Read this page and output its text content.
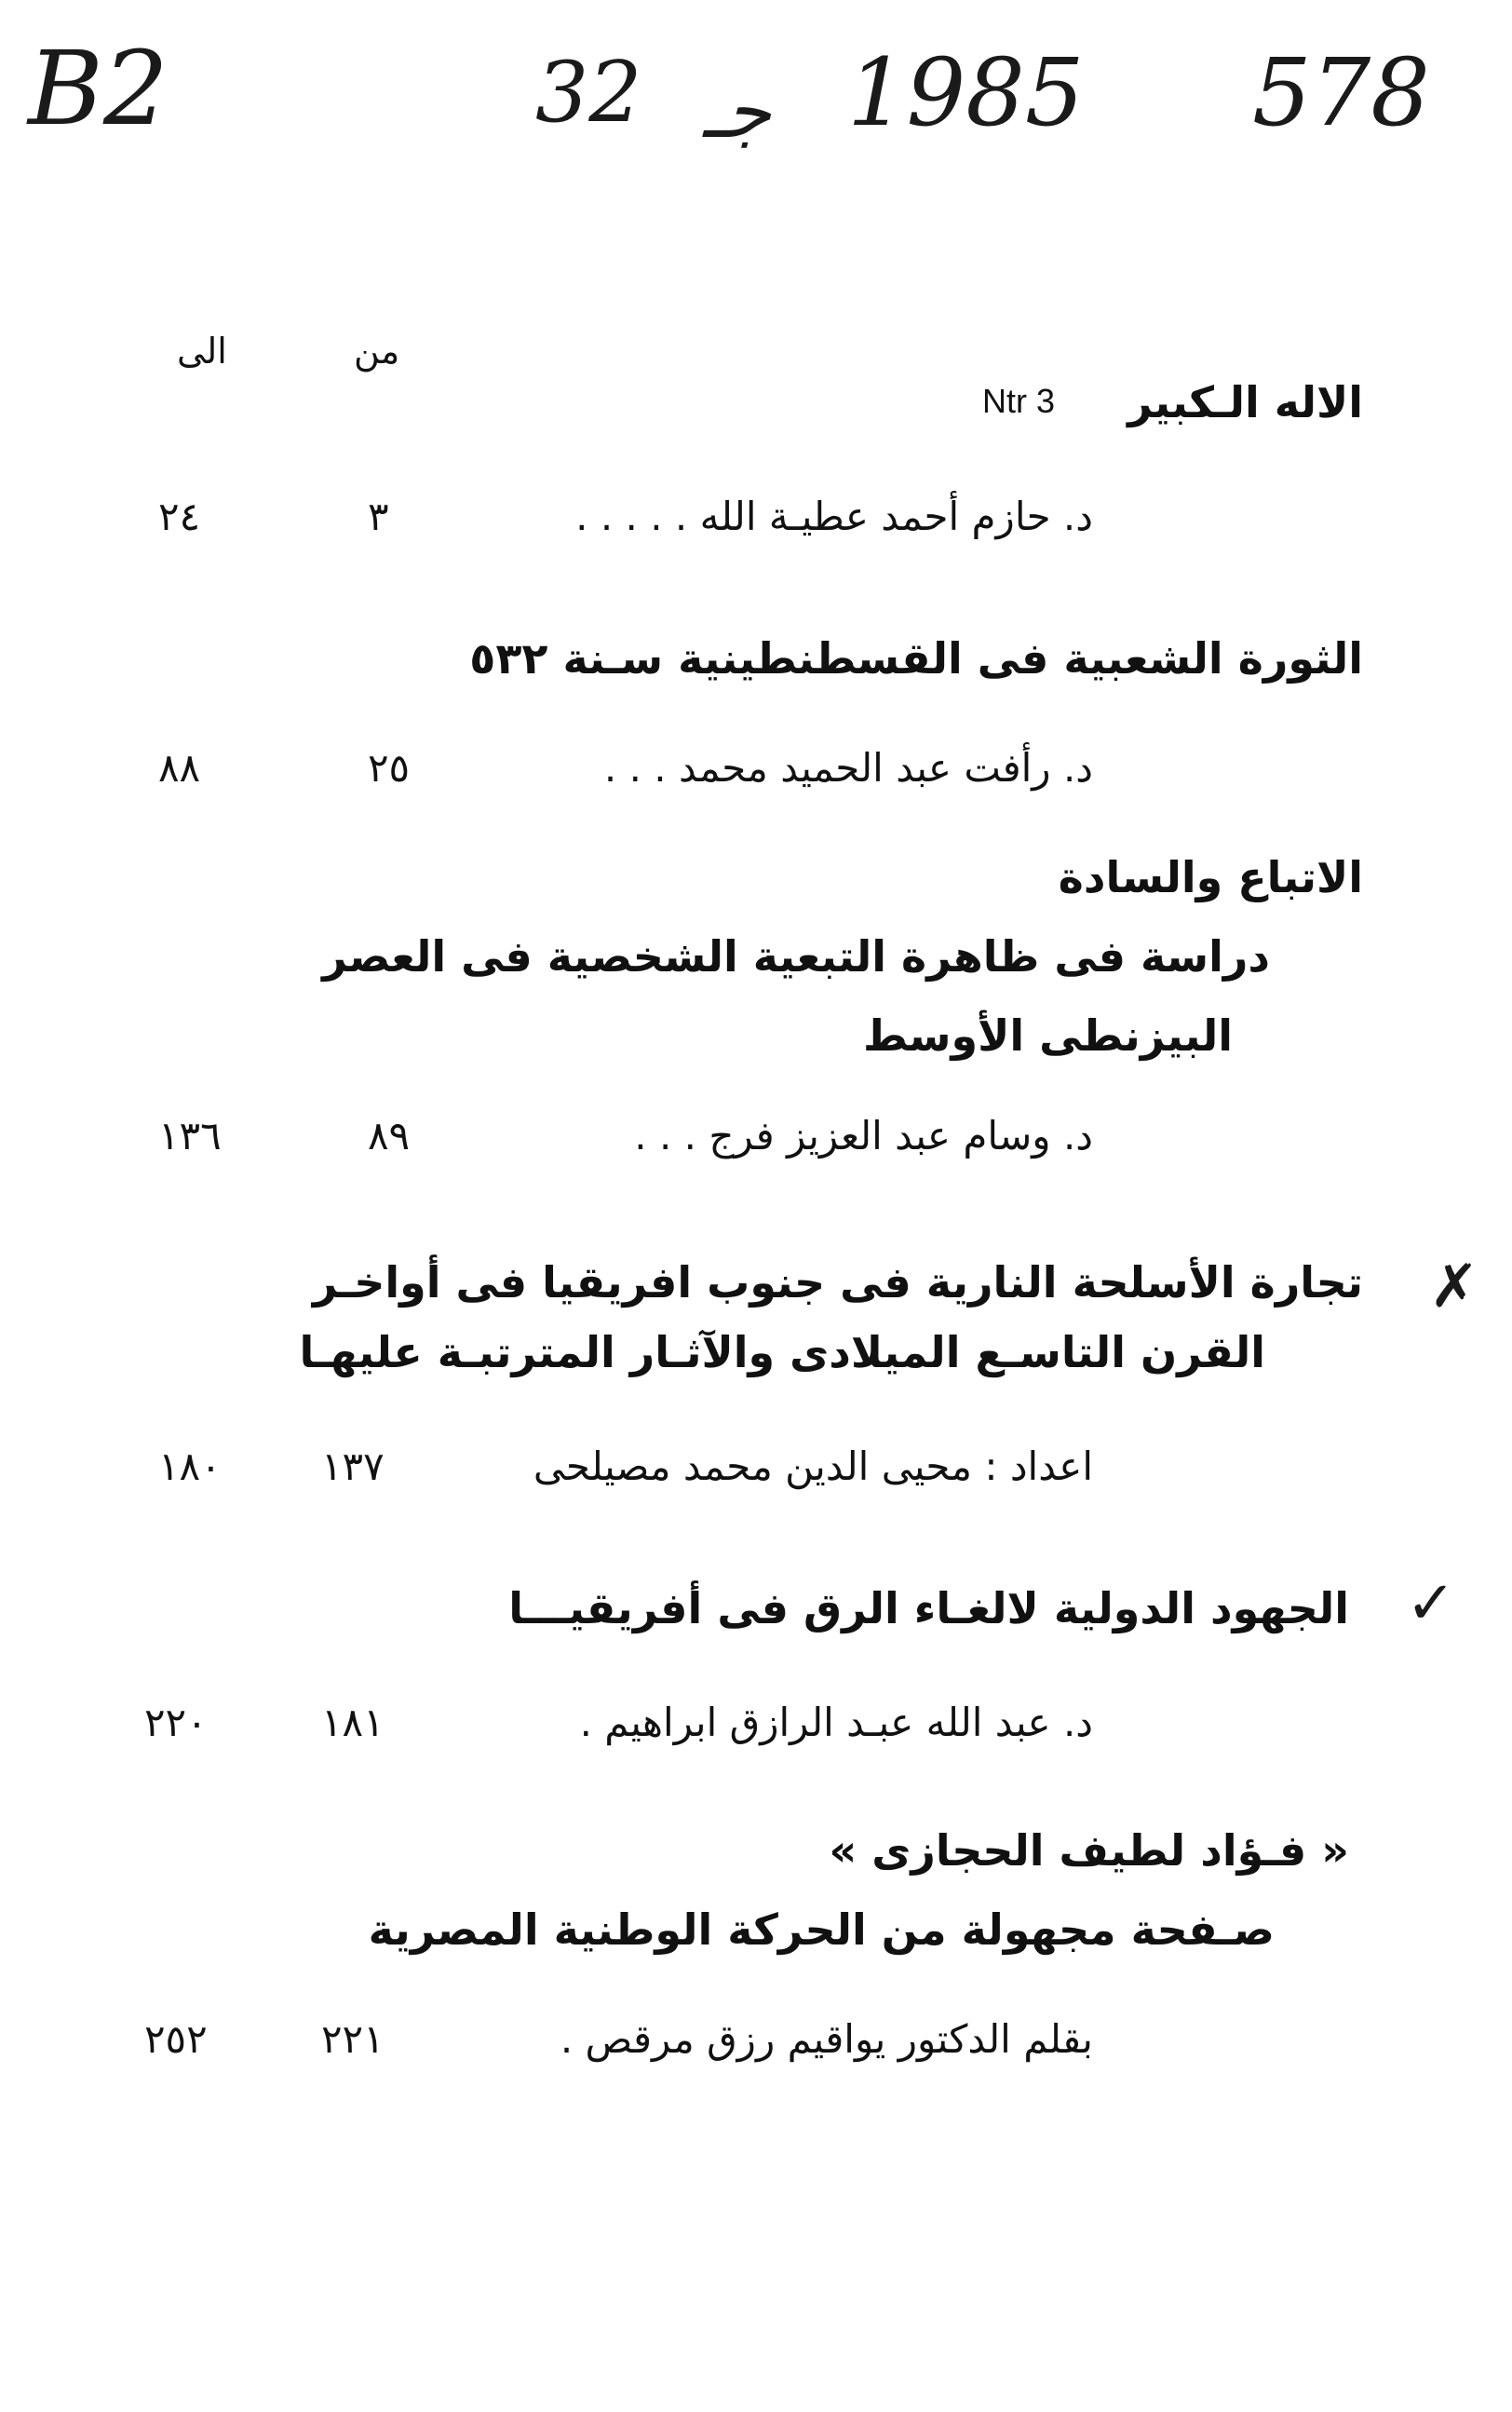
B2	32 جـ 1985 578
الى	من
Ntr 3 الاله الـكبير
د. حازم أحمد عطيـة الله . . . . .
٣
٢٤
الثورة الشعبية فى القسطنطينية سـنة ٥٣٢
د. رأفت عبد الحميد محمد . . .
٢٥
٨٨
الاتباع والسادة
دراسة فى ظاهرة التبعية الشخصية فى العصر
البيزنطى الأوسط
د. وسام عبد العزيز فرج . . .
٨٩
١٣٦
✗
تجارة الأسلحة النارية فى جنوب افريقيا فى أواخـر
القرن التاسـع الميلادى والآثـار المترتبـة عليهـا
اعداد : محيى الدين محمد مصيلحى
١٣٧
١٨٠
✓
الجهود الدولية لالغـاء الرق فى أفريقيـــا
د. عبد الله عبـد الرازق ابراهيم .
١٨١
٢٢٠
« فـؤاد لطيف الحجازى »
صـفحة مجهولة من الحركة الوطنية المصرية
بقلم الدكتور يواقيم رزق مرقص .
٢٢١
٢٥٢
